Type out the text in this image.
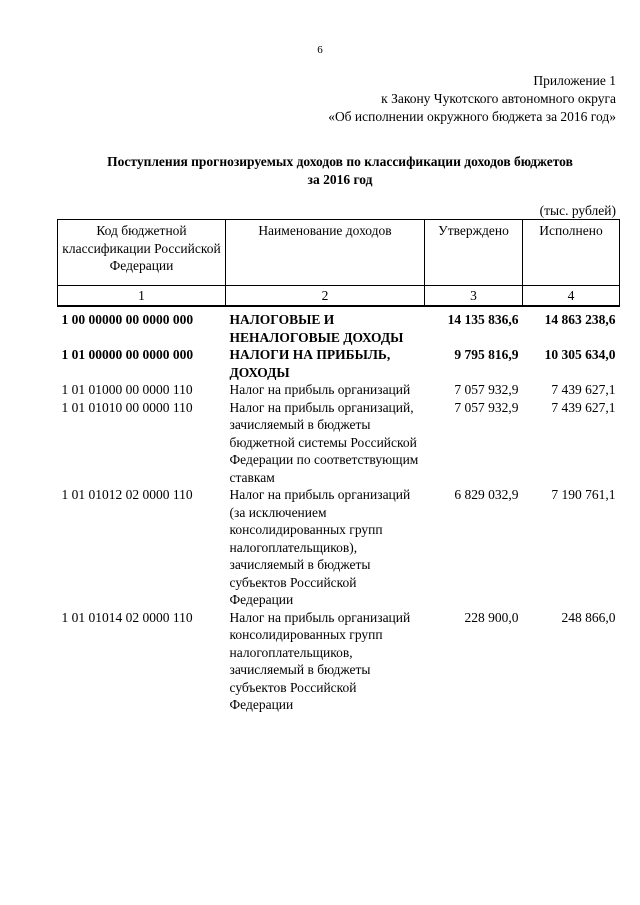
6
Приложение 1
к Закону Чукотского автономного округа
«Об исполнении окружного бюджета за 2016 год»
Поступления прогнозируемых доходов по классификации доходов бюджетов
за 2016 год
(тыс. рублей)
Код бюджетной классификации Российской Федерации	Наименование доходов	Утверждено	Исполнено
1	2	3	4
1 00 00000 00 0000 000	НАЛОГОВЫЕ И НЕНАЛОГОВЫЕ ДОХОДЫ	14 135 836,6	14 863 238,6
1 01 00000 00 0000 000	НАЛОГИ НА ПРИБЫЛЬ, ДОХОДЫ	9 795 816,9	10 305 634,0
1 01 01000 00 0000 110	Налог на прибыль организаций	7 057 932,9	7 439 627,1
1 01 01010 00 0000 110	Налог на прибыль организаций, зачисляемый в бюджеты бюджетной системы Российской Федерации по соответствующим ставкам	7 057 932,9	7 439 627,1
1 01 01012 02 0000 110	Налог на прибыль организаций (за исключением консолидированных групп налогоплательщиков), зачисляемый в бюджеты субъектов Российской Федерации	6 829 032,9	7 190 761,1
1 01 01014 02 0000 110	Налог на прибыль организаций консолидированных групп налогоплательщиков, зачисляемый в бюджеты субъектов Российской Федерации	228 900,0	248 866,0
